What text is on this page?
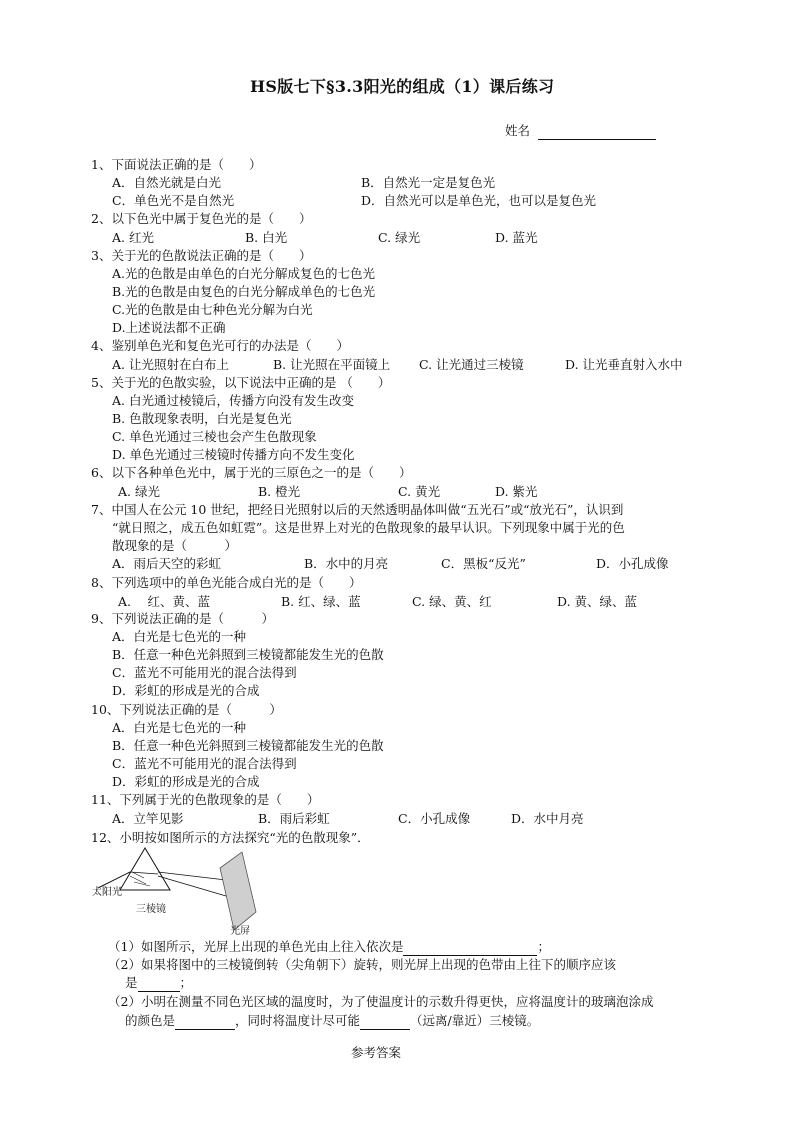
HS版七下§3.3阳光的组成（1）课后练习
姓名
1、下面说法正确的是（　　）
A．自然光就是白光	B．自然光一定是复色光
C．单色光不是自然光	D．自然光可以是单色光，也可以是复色光
2、以下色光中属于复色光的是（　　）
A. 红光	B. 白光	C. 绿光	D. 蓝光
3、关于光的色散说法正确的是（　　）
A.光的色散是由单色的白光分解成复色的七色光
B.光的色散是由复色的白光分解成单色的七色光
C.光的色散是由七种色光分解为白光
D.上述说法都不正确
4、鉴别单色光和复色光可行的办法是（　　）
A. 让光照射在白布上	B. 让光照在平面镜上 C. 让光通过三棱镜	D. 让光垂直射入水中
5、关于光的色散实验，以下说法中正确的是 （　　）
A. 白光通过棱镜后，传播方向没有发生改变
B. 色散现象表明，白光是复色光
C. 单色光通过三棱也会产生色散现象
D. 单色光通过三棱镜时传播方向不发生变化
6、以下各种单色光中，属于光的三原色之一的是（　　）
A. 绿光	B. 橙光	C. 黄光	D. 紫光
7、中国人在公元 10 世纪，把经日光照射以后的天然透明晶体叫做“五光石”或“放光石”，认识到
“就日照之，成五色如虹霓”。这是世界上对光的色散现象的最早认识。下列现象中属于光的色
散现象的是（　　　）
A．雨后天空的彩虹	B．水中的月亮	C．黑板“反光”	D．小孔成像
8、下列选项中的单色光能合成白光的是（　　）
A.　 红、黄、蓝	B. 红、绿、蓝	C. 绿、黄、红	D. 黄、绿、蓝
9、下列说法正确的是（　　　）
A．白光是七色光的一种
B．任意一种色光斜照到三棱镜都能发生光的色散
C．蓝光不可能用光的混合法得到
D．彩虹的形成是光的合成
10、下列说法正确的是（　　　）
A．白光是七色光的一种
B．任意一种色光斜照到三棱镜都能发生光的色散
C．蓝光不可能用光的混合法得到
D．彩虹的形成是光的合成
11、下列属于光的色散现象的是（　　）
A．立竿见影	B．雨后彩虹	C．小孔成像	D．水中月亮
12、小明按如图所示的方法探究“光的色散现象”．
太阳光
三棱镜
光屏
（1）如图所示，光屏上出现的单色光由上往入依次是	；
（2）如果将图中的三棱镜倒转（尖角朝下）旋转，则光屏上出现的色带由上往下的顺序应该
是	；
（2）小明在测量不同色光区域的温度时，为了使温度计的示数升得更快，应将温度计的玻璃泡涂成
的颜色是	，同时将温度计尽可能	（远离/靠近）三棱镜。
参考答案
